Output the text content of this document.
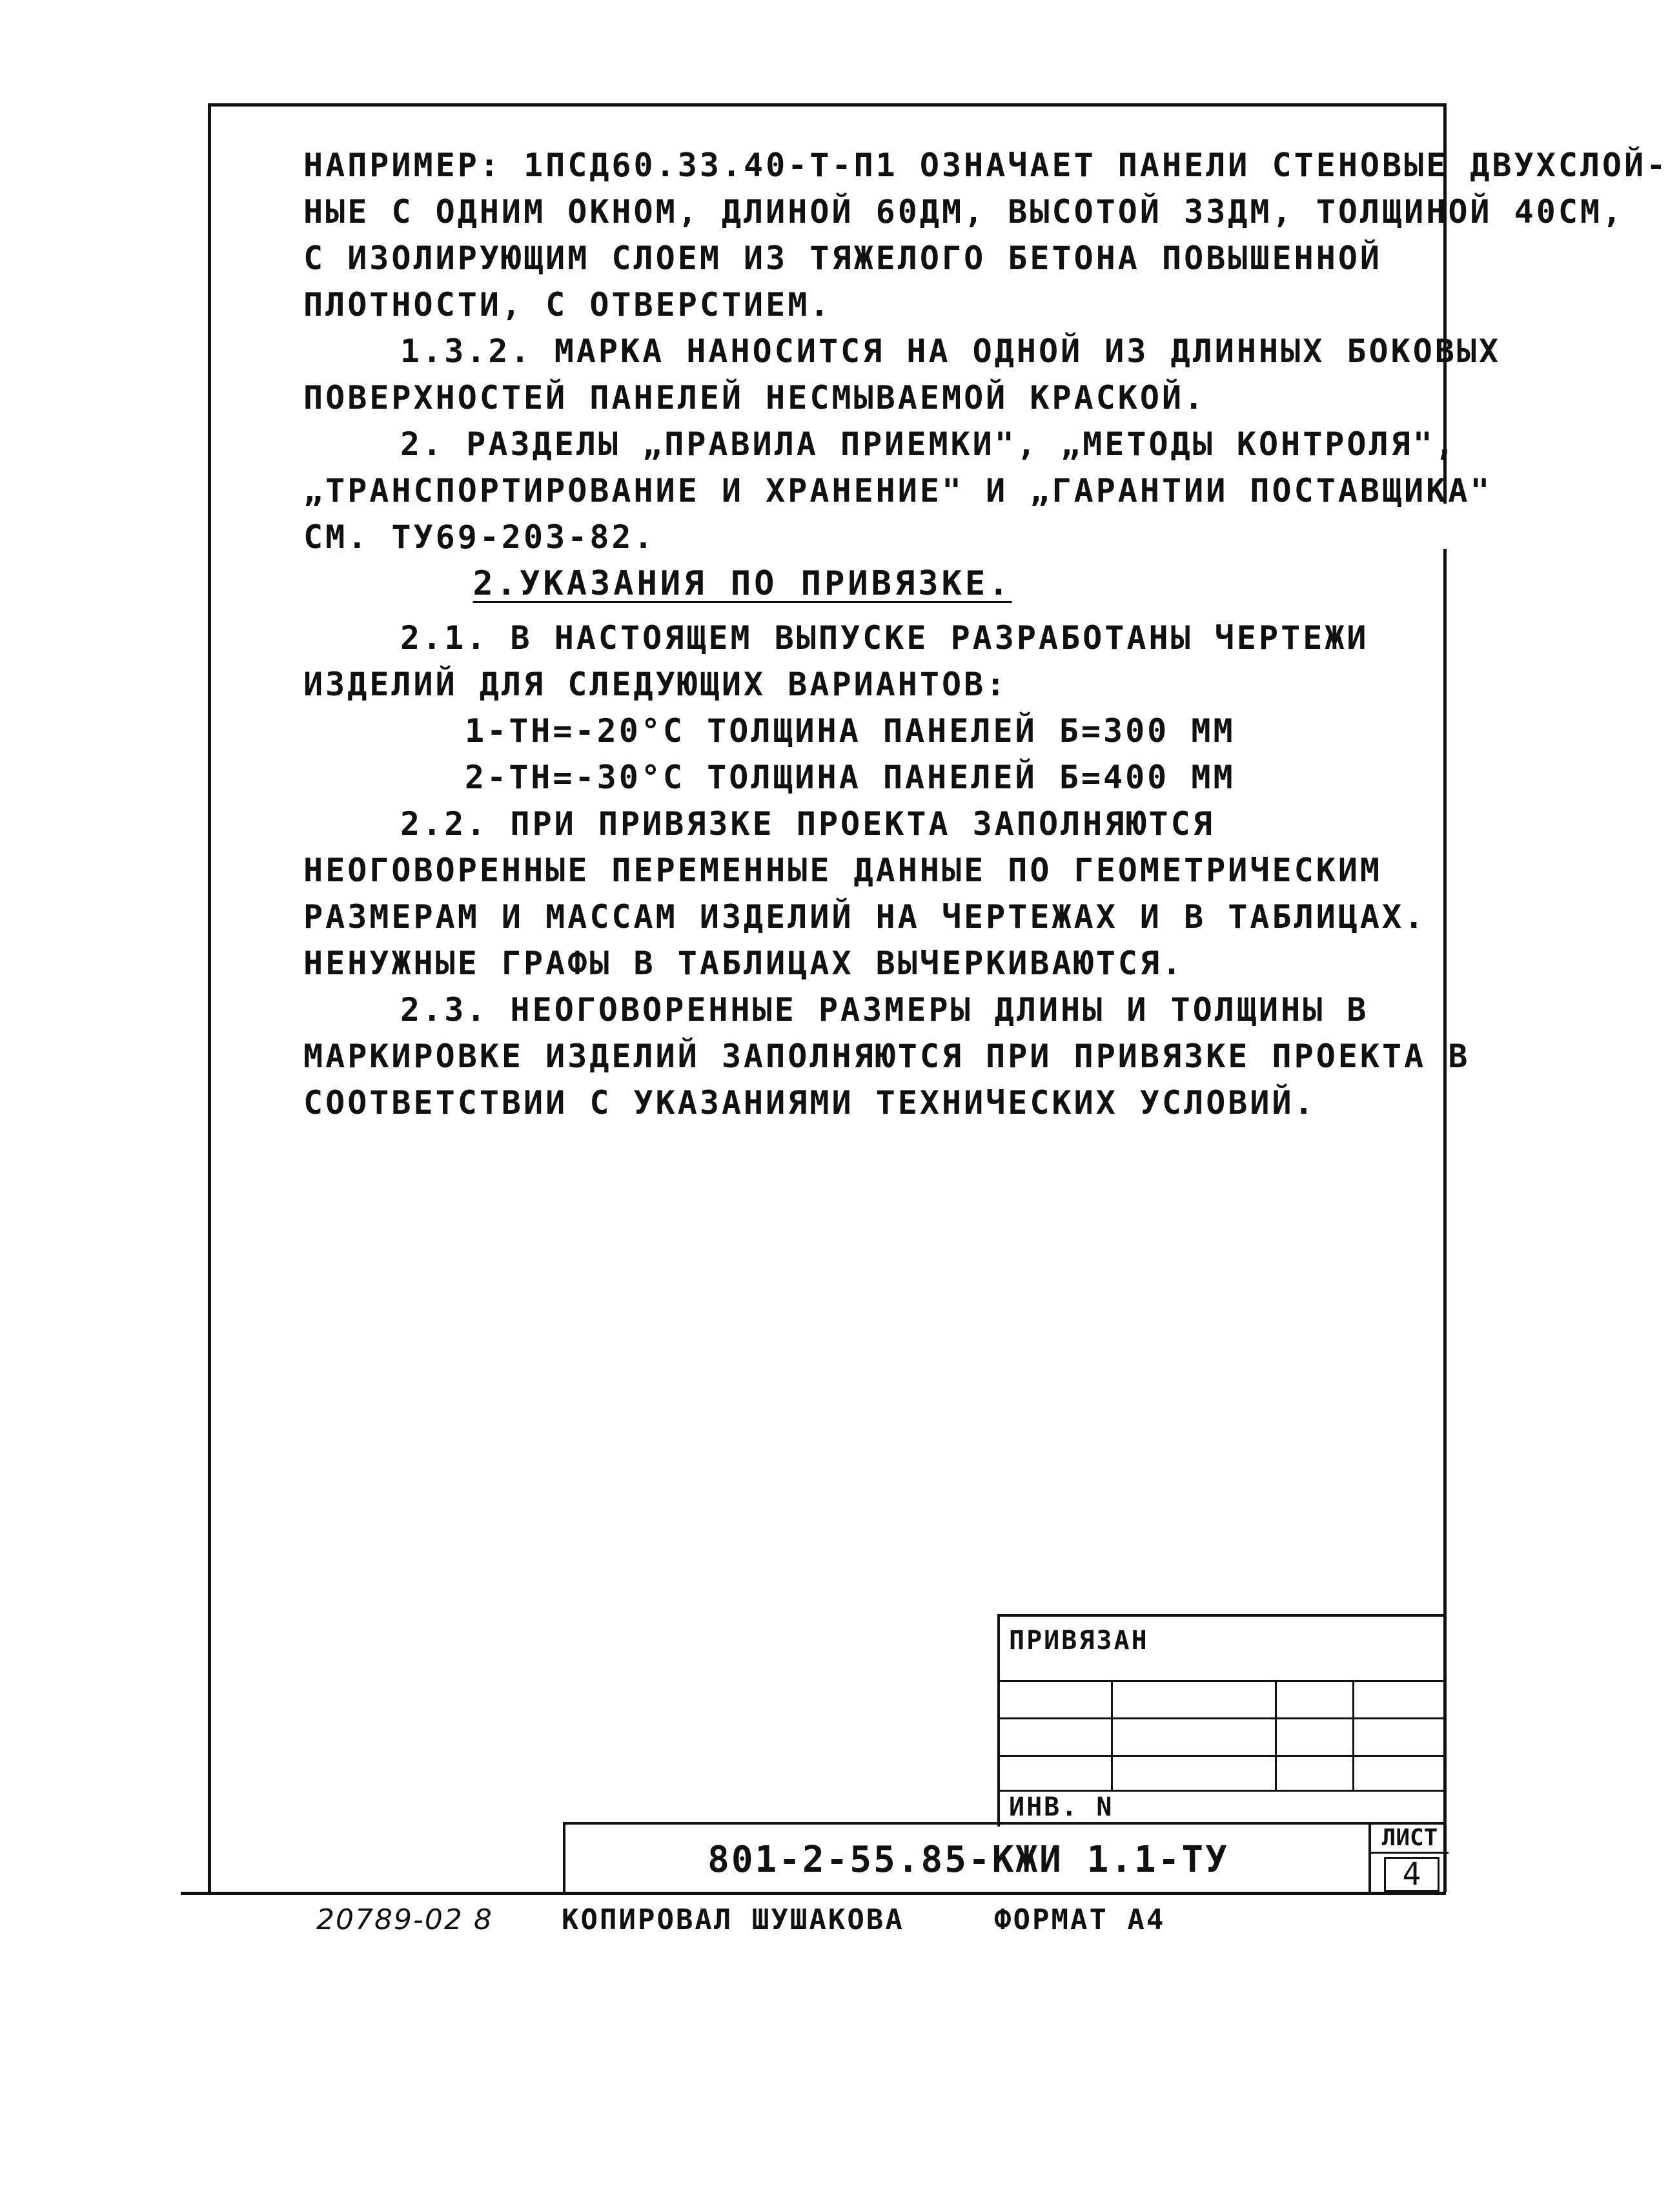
НАПРИМЕР: 1ПСД60.33.40-Т-П1 ОЗНАЧАЕТ ПАНЕЛИ СТЕНОВЫЕ ДВУХСЛОЙ-
НЫЕ С ОДНИМ ОКНОМ, ДЛИНОЙ 60ДМ, ВЫСОТОЙ 33ДМ, ТОЛЩИНОЙ 40СМ,
С ИЗОЛИРУЮЩИМ СЛОЕМ ИЗ ТЯЖЕЛОГО БЕТОНА ПОВЫШЕННОЙ
ПЛОТНОСТИ, С ОТВЕРСТИЕМ.
1.3.2. МАРКА НАНОСИТСЯ НА ОДНОЙ ИЗ ДЛИННЫХ БОКОВЫХ
ПОВЕРХНОСТЕЙ ПАНЕЛЕЙ НЕСМЫВАЕМОЙ КРАСКОЙ.
2. РАЗДЕЛЫ „ПРАВИЛА ПРИЕМКИ", „МЕТОДЫ КОНТРОЛЯ",
„ТРАНСПОРТИРОВАНИЕ И ХРАНЕНИЕ" И „ГАРАНТИИ ПОСТАВЩИКА"
СМ. ТУ69-203-82.
2.УКАЗАНИЯ ПО ПРИВЯЗКЕ.
2.1. В НАСТОЯЩЕМ ВЫПУСКЕ РАЗРАБОТАНЫ ЧЕРТЕЖИ
ИЗДЕЛИЙ ДЛЯ СЛЕДУЮЩИХ ВАРИАНТОВ:
1-TН=-20°С ТОЛЩИНА ПАНЕЛЕЙ Б=300 ММ
2-TН=-30°С ТОЛЩИНА ПАНЕЛЕЙ Б=400 ММ
2.2. ПРИ ПРИВЯЗКЕ ПРОЕКТА ЗАПОЛНЯЮТСЯ
НЕОГОВОРЕННЫЕ ПЕРЕМЕННЫЕ ДАННЫЕ ПО ГЕОМЕТРИЧЕСКИМ
РАЗМЕРАМ И МАССАМ ИЗДЕЛИЙ НА ЧЕРТЕЖАХ И В ТАБЛИЦАХ.
НЕНУЖНЫЕ ГРАФЫ В ТАБЛИЦАХ ВЫЧЕРКИВАЮТСЯ.
2.3. НЕОГОВОРЕННЫЕ РАЗМЕРЫ ДЛИНЫ И ТОЛЩИНЫ В
МАРКИРОВКЕ ИЗДЕЛИЙ ЗАПОЛНЯЮТСЯ ПРИ ПРИВЯЗКЕ ПРОЕКТА В
СООТВЕТСТВИИ С УКАЗАНИЯМИ ТЕХНИЧЕСКИХ УСЛОВИЙ.
ПРИВЯЗАН
ИНВ. N
801-2-55.85-КЖИ 1.1-ТУ
ЛИСТ
4
20789-02 8 КОПИРОВАЛ ШУШАКОВА	ФОРМАТ А4
